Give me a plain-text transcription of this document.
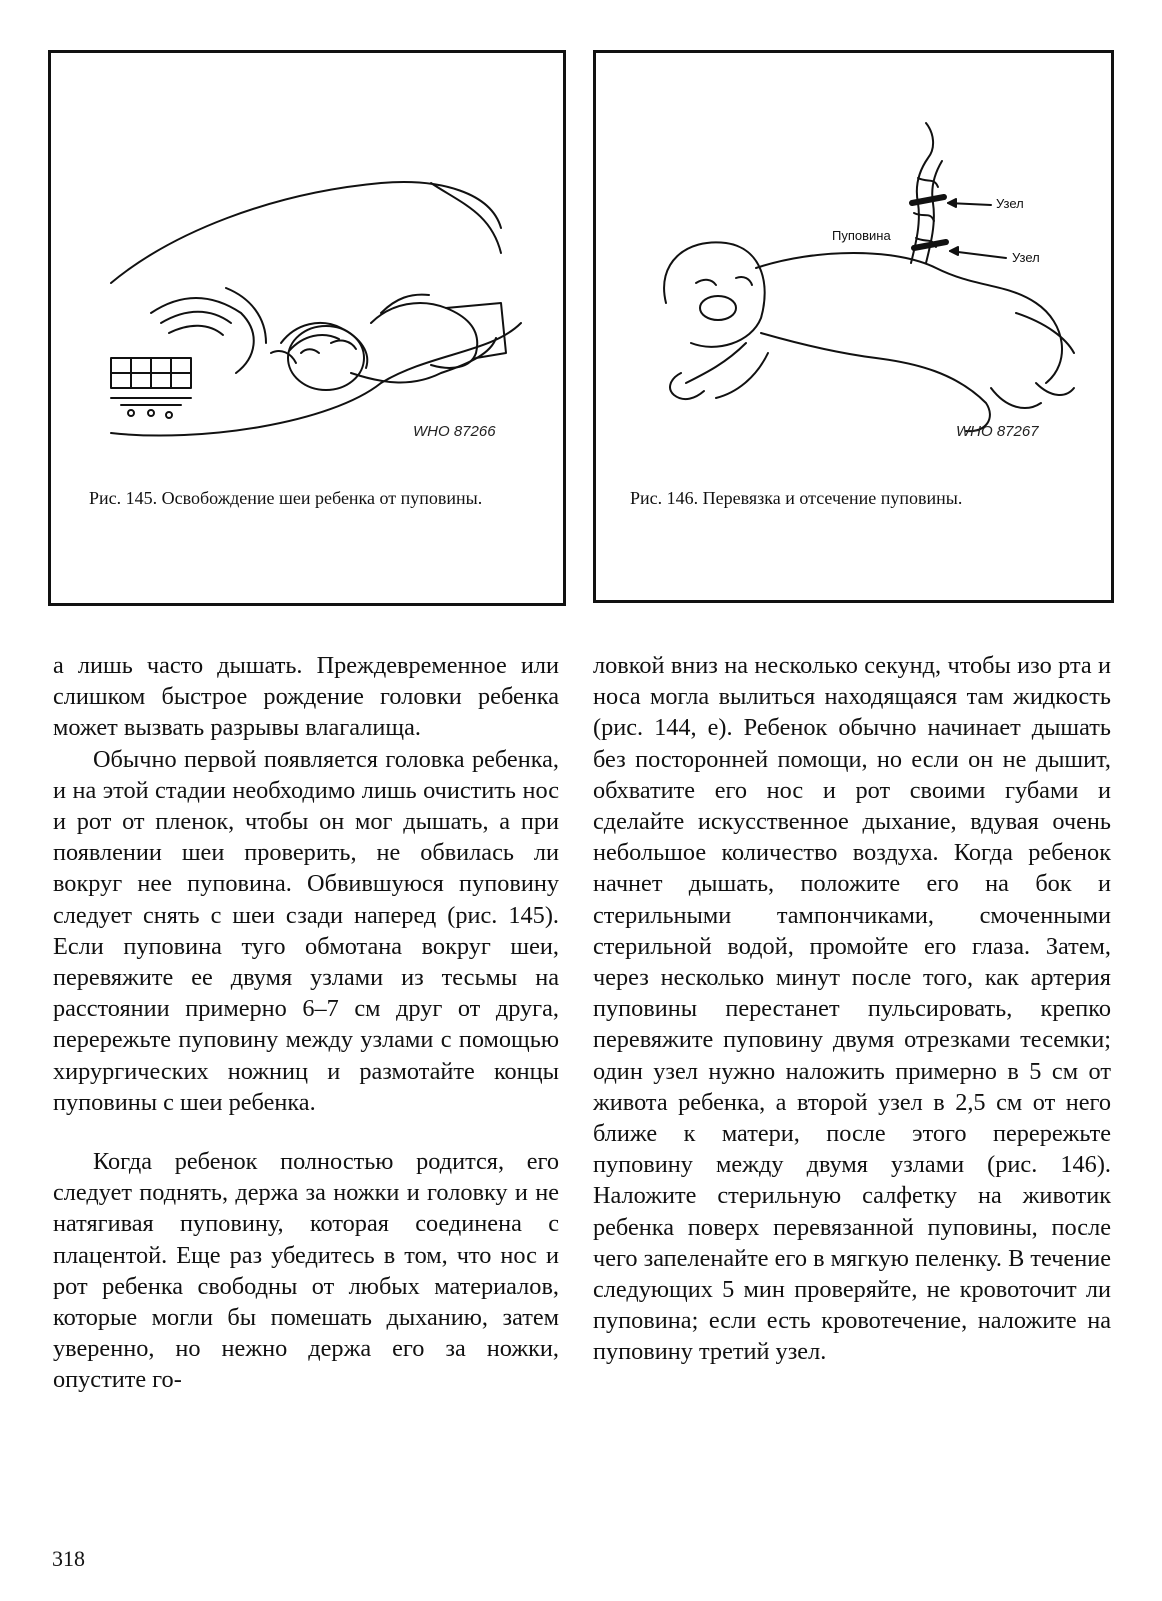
WHO 87266
Рис. 145. Освобождение шеи ребенка от пуповины.
Пуповина
Узел
Узел
WHO 87267
Рис. 146. Перевязка и отсечение пуповины.

а лишь часто дышать. Преждевременное или слишком быстрое рождение головки ребенка может вызвать разрывы влагалища.

Обычно первой появляется головка ребенка, и на этой стадии необходимо лишь очистить нос и рот от пленок, чтобы он мог дышать, а при появлении шеи проверить, не обвилась ли вокруг нее пуповина. Обвившуюся пуповину следует снять с шеи сзади наперед (рис. 145). Если пуповина туго обмотана вокруг шеи, перевяжите ее двумя узлами из тесьмы на расстоянии примерно 6–7 см друг от друга, перережьте пуповину между узлами с помощью хирургических ножниц и размотайте концы пуповины с шеи ребенка.

Когда ребенок полностью родится, его следует поднять, держа за ножки и головку и не натягивая пуповину, которая соединена с плацентой. Еще раз убедитесь в том, что нос и рот ребенка свободны от любых материалов, которые могли бы помешать дыханию, затем уверенно, но нежно держа его за ножки, опустите го-

ловкой вниз на несколько секунд, чтобы изо рта и носа могла вылиться находящаяся там жидкость (рис. 144, е). Ребенок обычно начинает дышать без посторонней помощи, но если он не дышит, обхватите его нос и рот своими губами и сделайте искусственное дыхание, вдувая очень небольшое количество воздуха. Когда ребенок начнет дышать, положите его на бок и стерильными тампончиками, смоченными стерильной водой, промойте его глаза. Затем, через несколько минут после того, как артерия пуповины перестанет пульсировать, крепко перевяжите пуповину двумя отрезками тесемки; один узел нужно наложить примерно в 5 см от живота ребенка, а второй узел в 2,5 см от него ближе к матери, после этого перережьте пуповину между двумя узлами (рис. 146). Наложите стерильную салфетку на животик ребенка поверх перевязанной пуповины, после чего запеленайте его в мягкую пеленку. В течение следующих 5 мин проверяйте, не кровоточит ли пуповина; если есть кровотечение, наложите на пуповину третий узел.

318
